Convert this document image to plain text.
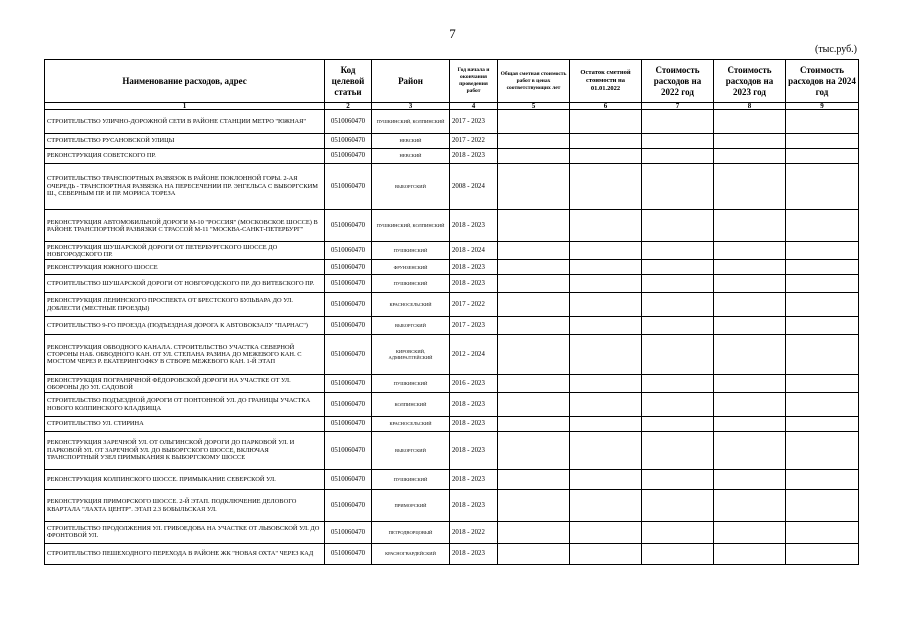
7
(тыс.руб.)
Наименование расходов, адрес	Код целевой статьи	Район	Год начала и окончания проведения работ	Общая сметная стоимость работ в ценах соответствующих лет	Остаток сметной стоимости на 01.01.2022	Стоимость расходов на 2022 год	Стоимость расходов на 2023 год	Стоимость расходов на 2024 год
1	2	3	4	5	6	7	8	9
СТРОИТЕЛЬСТВО УЛИЧНО-ДОРОЖНОЙ СЕТИ В РАЙОНЕ СТАНЦИИ МЕТРО "ЮЖНАЯ"	0510060470	ПУШКИНСКИЙ, КОЛПИНСКИЙ	2017 - 2023					
СТРОИТЕЛЬСТВО РУСАНОВСКОЙ УЛИЦЫ	0510060470	НЕВСКИЙ	2017 - 2022					
РЕКОНСТРУКЦИЯ СОВЕТСКОГО ПР.	0510060470	НЕВСКИЙ	2018 - 2023					
СТРОИТЕЛЬСТВО ТРАНСПОРТНЫХ РАЗВЯЗОК В РАЙОНЕ ПОКЛОННОЙ ГОРЫ. 2-АЯ ОЧЕРЕДЬ - ТРАНСПОРТНАЯ РАЗВЯЗКА НА ПЕРЕСЕЧЕНИИ ПР. ЭНГЕЛЬСА С ВЫБОРГСКИМ Ш., СЕВЕРНЫМ ПР. И ПР. МОРИСА ТОРЕЗА	0510060470	ВЫБОРГСКИЙ	2008 - 2024					
РЕКОНСТРУКЦИЯ АВТОМОБИЛЬНОЙ ДОРОГИ М-10 "РОССИЯ" (МОСКОВСКОЕ ШОССЕ) В РАЙОНЕ ТРАНСПОРТНОЙ РАЗВЯЗКИ С ТРАССОЙ М-11 "МОСКВА-САНКТ-ПЕТЕРБУРГ"	0510060470	ПУШКИНСКИЙ, КОЛПИНСКИЙ	2018 - 2023					
РЕКОНСТРУКЦИЯ ШУШАРСКОЙ ДОРОГИ ОТ ПЕТЕРБУРГСКОГО ШОССЕ ДО НОВГОРОДСКОГО ПР.	0510060470	ПУШКИНСКИЙ	2018 - 2024					
РЕКОНСТРУКЦИЯ ЮЖНОГО ШОССЕ	0510060470	ФРУНЗЕНСКИЙ	2018 - 2023					
СТРОИТЕЛЬСТВО ШУШАРСКОЙ ДОРОГИ ОТ НОВГОРОДСКОГО ПР. ДО ВИТЕБСКОГО ПР.	0510060470	ПУШКИНСКИЙ	2018 - 2023					
РЕКОНСТРУКЦИЯ ЛЕНИНСКОГО ПРОСПЕКТА ОТ БРЕСТСКОГО БУЛЬВАРА ДО УЛ. ДОБЛЕСТИ (МЕСТНЫЕ ПРОЕЗДЫ)	0510060470	КРАСНОСЕЛЬСКИЙ	2017 - 2022					
СТРОИТЕЛЬСТВО 9-ГО ПРОЕЗДА (ПОДЪЕЗДНАЯ ДОРОГА К АВТОВОКЗАЛУ "ПАРНАС")	0510060470	ВЫБОРГСКИЙ	2017 - 2023					
РЕКОНСТРУКЦИЯ ОБВОДНОГО КАНАЛА. СТРОИТЕЛЬСТВО УЧАСТКА СЕВЕРНОЙ СТОРОНЫ НАБ. ОБВОДНОГО КАН. ОТ УЛ. СТЕПАНА РАЗИНА ДО МЕЖЕВОГО КАН. С МОСТОМ ЧЕРЕЗ Р. ЕКАТЕРИНГОФКУ В СТВОРЕ МЕЖЕВОГО КАН. 1-Й ЭТАП	0510060470	КИРОВСКИЙ, АДМИРАЛТЕЙСКИЙ	2012 - 2024					
РЕКОНСТРУКЦИЯ ПОГРАНИЧНОЙ ФЁДОРОВСКОЙ ДОРОГИ НА УЧАСТКЕ ОТ УЛ. ОБОРОНЫ ДО УЛ. САДОВОЙ	0510060470	ПУШКИНСКИЙ	2016 - 2023					
СТРОИТЕЛЬСТВО ПОДЪЕЗДНОЙ ДОРОГИ ОТ ПОНТОННОЙ УЛ. ДО ГРАНИЦЫ УЧАСТКА НОВОГО КОЛПИНСКОГО КЛАДБИЩА	0510060470	КОЛПИНСКИЙ	2018 - 2023					
СТРОИТЕЛЬСТВО УЛ. СТИРИНА	0510060470	КРАСНОСЕЛЬСКИЙ	2018 - 2023					
РЕКОНСТРУКЦИЯ ЗАРЕЧНОЙ УЛ. ОТ ОЛЬГИНСКОЙ ДОРОГИ ДО ПАРКОВОЙ УЛ. И ПАРКОВОЙ УЛ. ОТ ЗАРЕЧНОЙ УЛ. ДО ВЫБОРГСКОГО ШОССЕ, ВКЛЮЧАЯ ТРАНСПОРТНЫЙ УЗЕЛ ПРИМЫКАНИЯ К ВЫБОРГСКОМУ ШОССЕ	0510060470	ВЫБОРГСКИЙ	2018 - 2023					
РЕКОНСТРУКЦИЯ КОЛПИНСКОГО ШОССЕ. ПРИМЫКАНИЕ СЕВЕРСКОЙ УЛ.	0510060470	ПУШКИНСКИЙ	2018 - 2023					
РЕКОНСТРУКЦИЯ ПРИМОРСКОГО ШОССЕ. 2-Й ЭТАП. ПОДКЛЮЧЕНИЕ ДЕЛОВОГО КВАРТАЛА "ЛАХТА ЦЕНТР". ЭТАП 2.3 БОБЫЛЬСКАЯ УЛ.	0510060470	ПРИМОРСКИЙ	2018 - 2023					
СТРОИТЕЛЬСТВО ПРОДОЛЖЕНИЯ УЛ. ГРИБОЕДОВА НА УЧАСТКЕ ОТ ЛЬВОВСКОЙ УЛ. ДО ФРОНТОВОЙ УЛ.	0510060470	ПЕТРОДВОРЦОВЫЙ	2018 - 2022					
СТРОИТЕЛЬСТВО ПЕШЕХОДНОГО ПЕРЕХОДА В РАЙОНЕ ЖК "НОВАЯ ОХТА" ЧЕРЕЗ КАД	0510060470	КРАСНОГВАРДЕЙСКИЙ	2018 - 2023					
